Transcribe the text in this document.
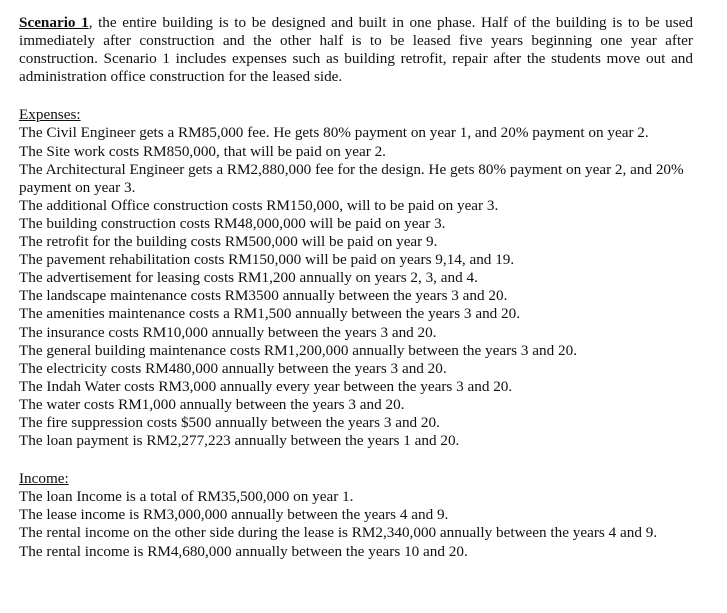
Scenario 1, the entire building is to be designed and built in one phase. Half of the building is to be used immediately after construction and the other half is to be leased five years beginning one year after construction. Scenario 1 includes expenses such as building retrofit, repair after the students move out and administration office construction for the leased side.

Expenses:

The Civil Engineer gets a RM85,000 fee. He gets 80% payment on year 1, and 20% payment on year 2.

The Site work costs RM850,000, that will be paid on year 2.

The Architectural Engineer gets a RM2,880,000 fee for the design. He gets 80% payment on year 2, and 20% payment on year 3.

The additional Office construction costs RM150,000, will to be paid on year 3.

The building construction costs RM48,000,000 will be paid on year 3.

The retrofit for the building costs RM500,000 will be paid on year 9.

The pavement rehabilitation costs RM150,000 will be paid on years 9,14, and 19.

The advertisement for leasing costs RM1,200 annually on years 2, 3, and 4.

The landscape maintenance costs RM3500 annually between the years 3 and 20.

The amenities maintenance costs a RM1,500 annually between the years 3 and 20.

The insurance costs RM10,000 annually between the years 3 and 20.

The general building maintenance costs RM1,200,000 annually between the years 3 and 20.

The electricity costs RM480,000 annually between the years 3 and 20.

The Indah Water costs RM3,000 annually every year between the years 3 and 20.

The water costs RM1,000 annually between the years 3 and 20.

The fire suppression costs $500 annually between the years 3 and 20.

The loan payment is RM2,277,223 annually between the years 1 and 20.

Income:

The loan Income is a total of RM35,500,000 on year 1.

The lease income is RM3,000,000 annually between the years 4 and 9.

The rental income on the other side during the lease is RM2,340,000 annually between the years 4 and 9.

The rental income is RM4,680,000 annually between the years 10 and 20.
